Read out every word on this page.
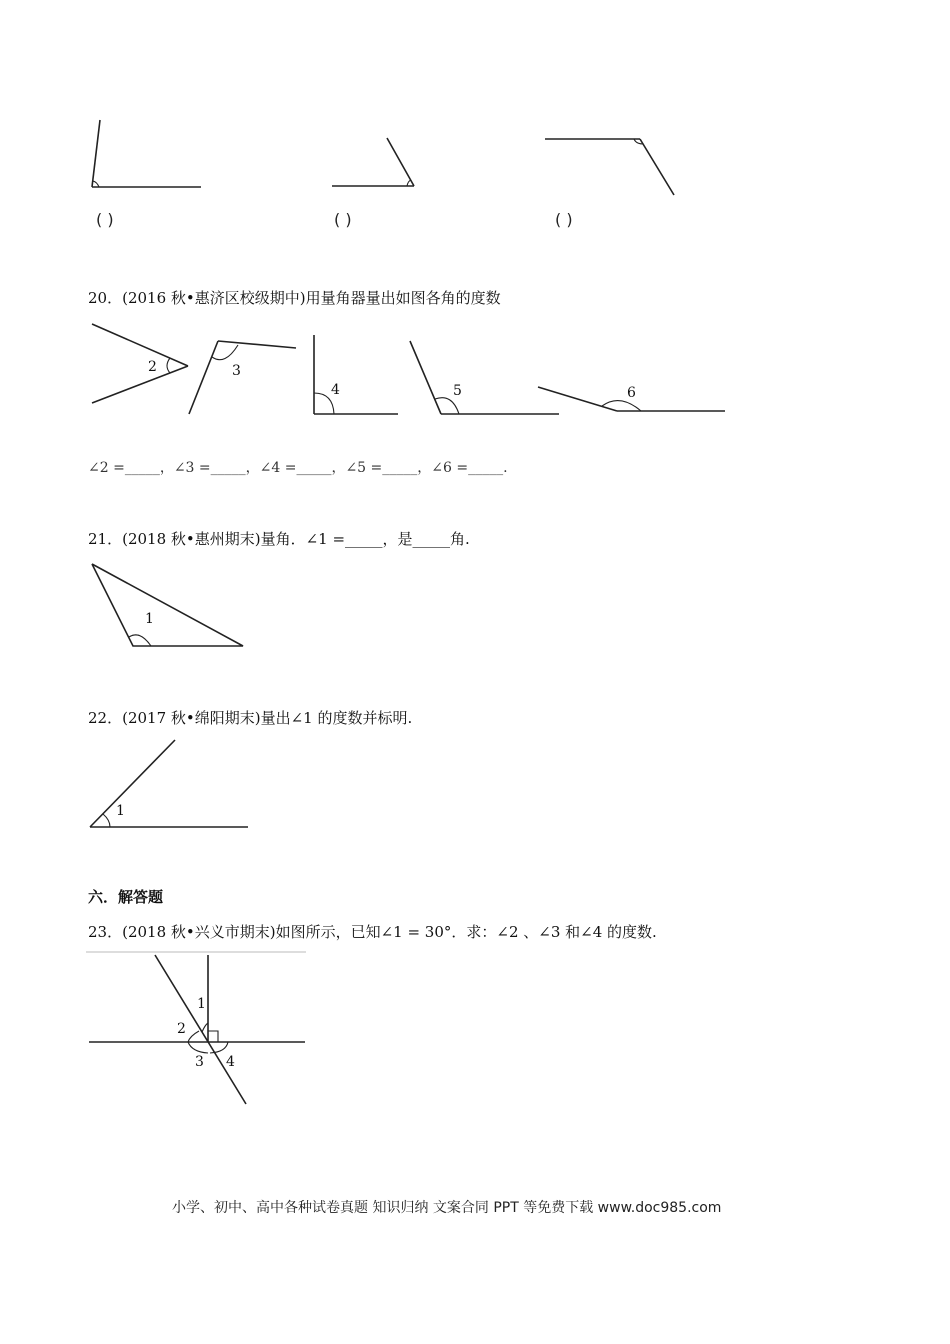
( )	( )	( )
20．(2016 秋•惠济区校级期中)用量角器量出如图各角的度数
2	3
4	5	6
∠2 =_____，∠3 =_____，∠4 =_____，∠5 =_____，∠6 =_____.
21．(2018 秋•惠州期末)量角．∠1 =_____，是_____角.
1
22．(2017 秋•绵阳期末)量出∠1 的度数并标明.
1
六．解答题
23．(2018 秋•兴义市期末)如图所示，已知∠1 = 30°．求：∠2 、∠3 和∠4 的度数.
1
2
3 4
小学、初中、高中各种试卷真题 知识归纳 文案合同 PPT 等免费下载 www.doc985.com
